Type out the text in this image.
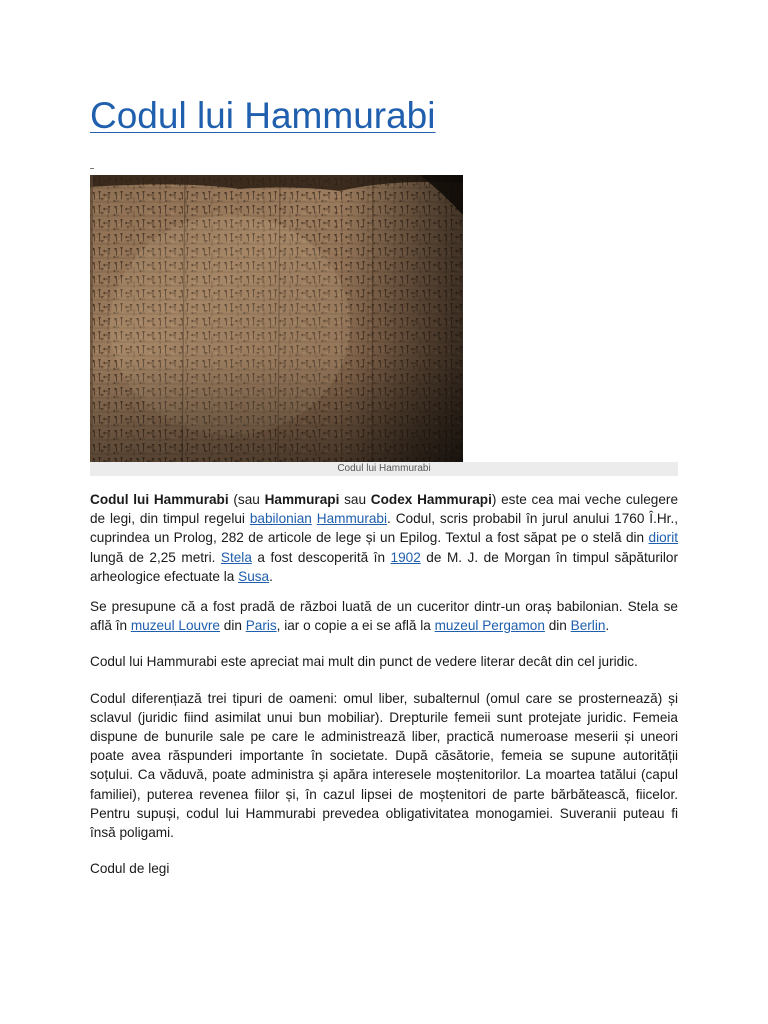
Codul lui Hammurabi
Codul lui Hammurabi

Codul lui Hammurabi (sau Hammurapi sau Codex Hammurapi) este cea mai veche culegere de legi, din timpul regelui babilonian Hammurabi. Codul, scris probabil în jurul anului 1760 Î.Hr., cuprindea un Prolog, 282 de articole de lege și un Epilog. Textul a fost săpat pe o stelă din diorit lungă de 2,25 metri. Stela a fost descoperită în 1902 de M. J. de Morgan în timpul săpăturilor arheologice efectuate la Susa.

Se presupune că a fost pradă de război luată de un cuceritor dintr-un oraș babilonian. Stela se află în muzeul Louvre din Paris, iar o copie a ei se află la muzeul Pergamon din Berlin.

Codul lui Hammurabi este apreciat mai mult din punct de vedere literar decât din cel juridic.

Codul diferențiază trei tipuri de oameni: omul liber, subalternul (omul care se prosternează) și sclavul (juridic fiind asimilat unui bun mobiliar). Drepturile femeii sunt protejate juridic. Femeia dispune de bunurile sale pe care le administrează liber, practică numeroase meserii și uneori poate avea răspunderi importante în societate. După căsătorie, femeia se supune autorității soțului. Ca văduvă, poate administra și apăra interesele moștenitorilor. La moartea tatălui (capul familiei), puterea revenea fiilor și, în cazul lipsei de moștenitori de parte bărbătească, fiicelor. Pentru supuși, codul lui Hammurabi prevedea obligativitatea monogamiei. Suveranii puteau fi însă poligami.

Codul de legi
